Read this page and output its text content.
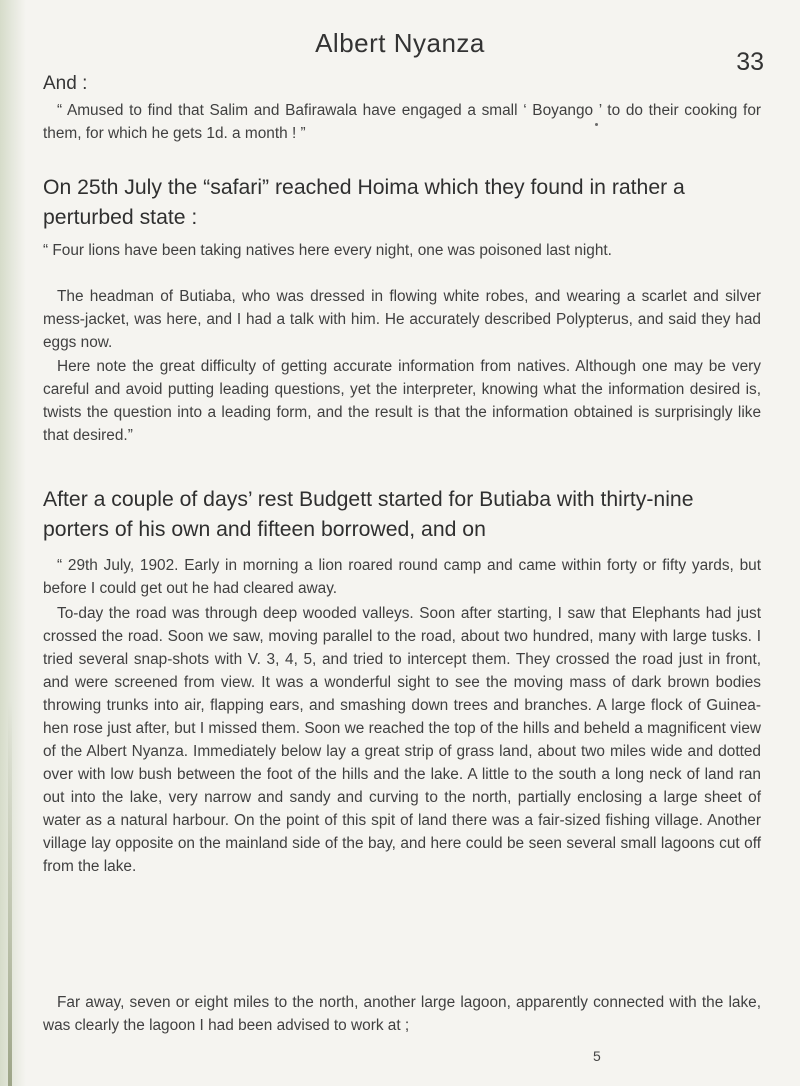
Albert Nyanza
33

And :

“ Amused to find that Salim and Bafirawala have engaged a small ‘ Boyango ’ to do their cooking for them, for which he gets 1d. a month ! ”

On 25th July the “safari” reached Hoima which they found in rather a perturbed state :

“ Four lions have been taking natives here every night, one was poisoned last night.

The headman of Butiaba, who was dressed in flowing white robes, and wearing a scarlet and silver mess-jacket, was here, and I had a talk with him. He accurately described Polypterus, and said they had eggs now.

Here note the great difficulty of getting accurate information from natives. Although one may be very careful and avoid putting leading questions, yet the interpreter, knowing what the information desired is, twists the question into a leading form, and the result is that the information obtained is surprisingly like that desired.”

After a couple of days’ rest Budgett started for Butiaba with thirty-nine porters of his own and fifteen borrowed, and on

“ 29th July, 1902. Early in morning a lion roared round camp and came within forty or fifty yards, but before I could get out he had cleared away.

To-day the road was through deep wooded valleys. Soon after starting, I saw that Elephants had just crossed the road. Soon we saw, moving parallel to the road, about two hundred, many with large tusks. I tried several snap-shots with V. 3, 4, 5, and tried to intercept them. They crossed the road just in front, and were screened from view. It was a wonderful sight to see the moving mass of dark brown bodies throwing trunks into air, flapping ears, and smashing down trees and branches. A large flock of Guinea-hen rose just after, but I missed them. Soon we reached the top of the hills and beheld a magnificent view of the Albert Nyanza. Immediately below lay a great strip of grass land, about two miles wide and dotted over with low bush between the foot of the hills and the lake. A little to the south a long neck of land ran out into the lake, very narrow and sandy and curving to the north, partially enclosing a large sheet of water as a natural harbour. On the point of this spit of land there was a fair-sized fishing village. Another village lay opposite on the mainland side of the bay, and here could be seen several small lagoons cut off from the lake.

Far away, seven or eight miles to the north, another large lagoon, apparently connected with the lake, was clearly the lagoon I had been advised to work at ;

5
